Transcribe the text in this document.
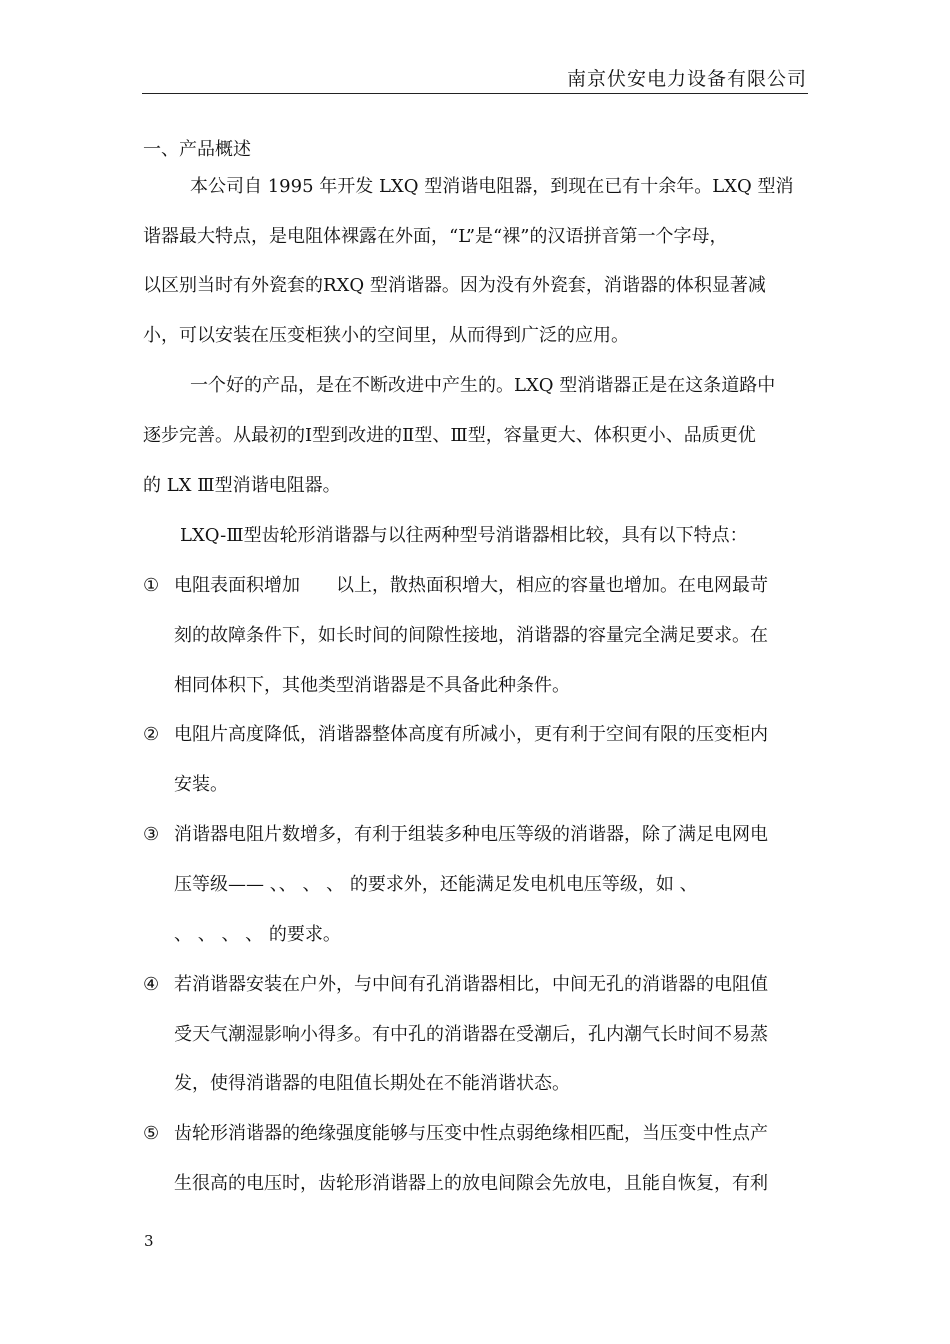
南京伏安电力设备有限公司
一、产品概述
本公司自 1995 年开发 LXQ 型消谐电阻器，到现在已有十余年。LXQ 型消
谐器最大特点，是电阻体裸露在外面，“L”是“裸”的汉语拼音第一个字母，
以区别当时有外瓷套的RXQ 型消谐器。因为没有外瓷套，消谐器的体积显著减
小，可以安装在压变柜狭小的空间里，从而得到广泛的应用。
一个好的产品，是在不断改进中产生的。LXQ 型消谐器正是在这条道路中
逐步完善。从最初的Ⅰ型到改进的Ⅱ型、Ⅲ型，容量更大、体积更小、品质更优
的 LX Ⅲ型消谐电阻器。
LXQ-Ⅲ型齿轮形消谐器与以往两种型号消谐器相比较，具有以下特点：
① 电阻表面积增加　　以上，散热面积增大，相应的容量也增加。在电网最苛
刻的故障条件下，如长时间的间隙性接地，消谐器的容量完全满足要求。在
相同体积下，其他类型消谐器是不具备此种条件。
② 电阻片高度降低，消谐器整体高度有所减小，更有利于空间有限的压变柜内
安装。
③ 消谐器电阻片数增多，有利于组装多种电压等级的消谐器，除了满足电网电
压等级—— 、、 、 、 的要求外，还能满足发电机电压等级，如 、
、 、 、 、 的要求。
④ 若消谐器安装在户外，与中间有孔消谐器相比，中间无孔的消谐器的电阻值
受天气潮湿影响小得多。有中孔的消谐器在受潮后，孔内潮气长时间不易蒸
发，使得消谐器的电阻值长期处在不能消谐状态。
⑤ 齿轮形消谐器的绝缘强度能够与压变中性点弱绝缘相匹配，当压变中性点产
生很高的电压时，齿轮形消谐器上的放电间隙会先放电，且能自恢复，有利
3
